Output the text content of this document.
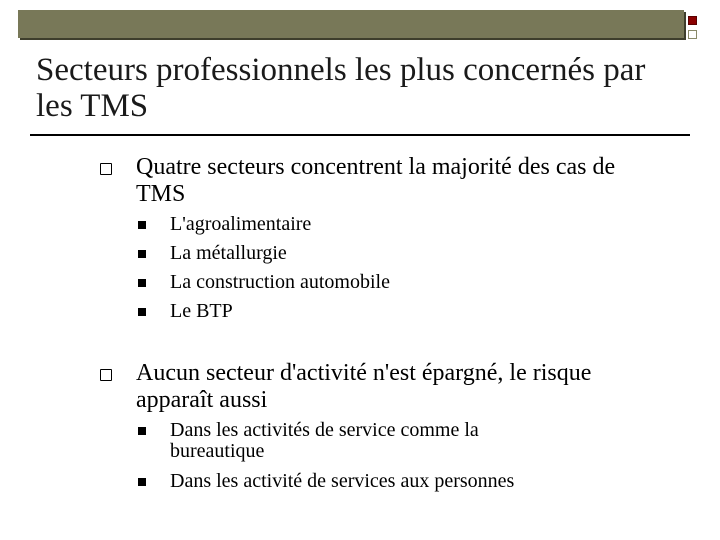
Secteurs professionnels les plus concernés par les TMS
Quatre secteurs concentrent la majorité des cas de TMS
L'agroalimentaire
La métallurgie
La construction automobile
Le BTP
Aucun secteur d'activité n'est épargné, le risque apparaît aussi
Dans les activités de service comme la bureautique
Dans les activité de services aux personnes
